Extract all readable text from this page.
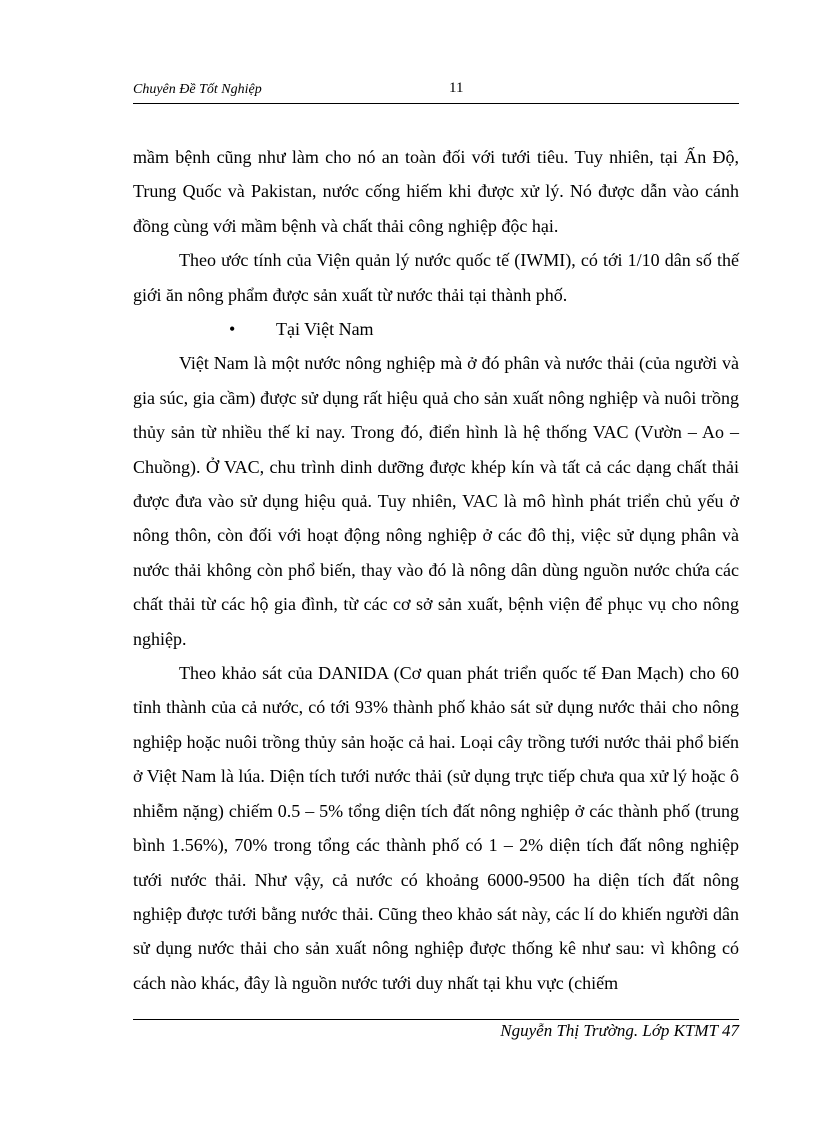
Chuyên Đề Tốt Nghiệp	11

mầm bệnh cũng như làm cho nó an toàn đối với tưới tiêu. Tuy nhiên, tại Ấn Độ, Trung Quốc và Pakistan, nước cống hiếm khi được xử lý. Nó được dẫn vào cánh đồng cùng với mầm bệnh và chất thải công nghiệp độc hại.

Theo ước tính của Viện quản lý nước quốc tế (IWMI), có tới 1/10 dân số thế giới ăn nông phẩm được sản xuất từ nước thải tại thành phố.

• Tại Việt Nam

Việt Nam là một nước nông nghiệp mà ở đó phân và nước thải (của người và gia súc, gia cầm) được sử dụng rất hiệu quả cho sản xuất nông nghiệp và nuôi trồng thủy sản từ nhiều thế kỉ nay. Trong đó, điển hình là hệ thống VAC (Vườn – Ao – Chuồng). Ở VAC, chu trình dinh dưỡng được khép kín và tất cả các dạng chất thải được đưa vào sử dụng hiệu quả. Tuy nhiên, VAC là mô hình phát triển chủ yếu ở nông thôn, còn đối với hoạt động nông nghiệp ở các đô thị, việc sử dụng phân và nước thải không còn phổ biến, thay vào đó là nông dân dùng nguồn nước chứa các chất thải từ các hộ gia đình, từ các cơ sở sản xuất, bệnh viện để phục vụ cho nông nghiệp.

Theo khảo sát của DANIDA (Cơ quan phát triển quốc tế Đan Mạch) cho 60 tỉnh thành của cả nước, có tới 93% thành phố khảo sát sử dụng nước thải cho nông nghiệp hoặc nuôi trồng thủy sản hoặc cả hai. Loại cây trồng tưới nước thải phổ biến ở Việt Nam là lúa. Diện tích tưới nước thải (sử dụng trực tiếp chưa qua xử lý hoặc ô nhiễm nặng) chiếm 0.5 – 5% tổng diện tích đất nông nghiệp ở các thành phố (trung bình 1.56%), 70% trong tổng các thành phố có 1 – 2% diện tích đất nông nghiệp tưới nước thải. Như vậy, cả nước có khoảng 6000-9500 ha diện tích đất nông nghiệp được tưới bằng nước thải. Cũng theo khảo sát này, các lí do khiến người dân sử dụng nước thải cho sản xuất nông nghiệp được thống kê như sau: vì không có cách nào khác, đây là nguồn nước tưới duy nhất tại khu vực (chiếm

Nguyễn Thị Trường. Lớp KTMT 47
